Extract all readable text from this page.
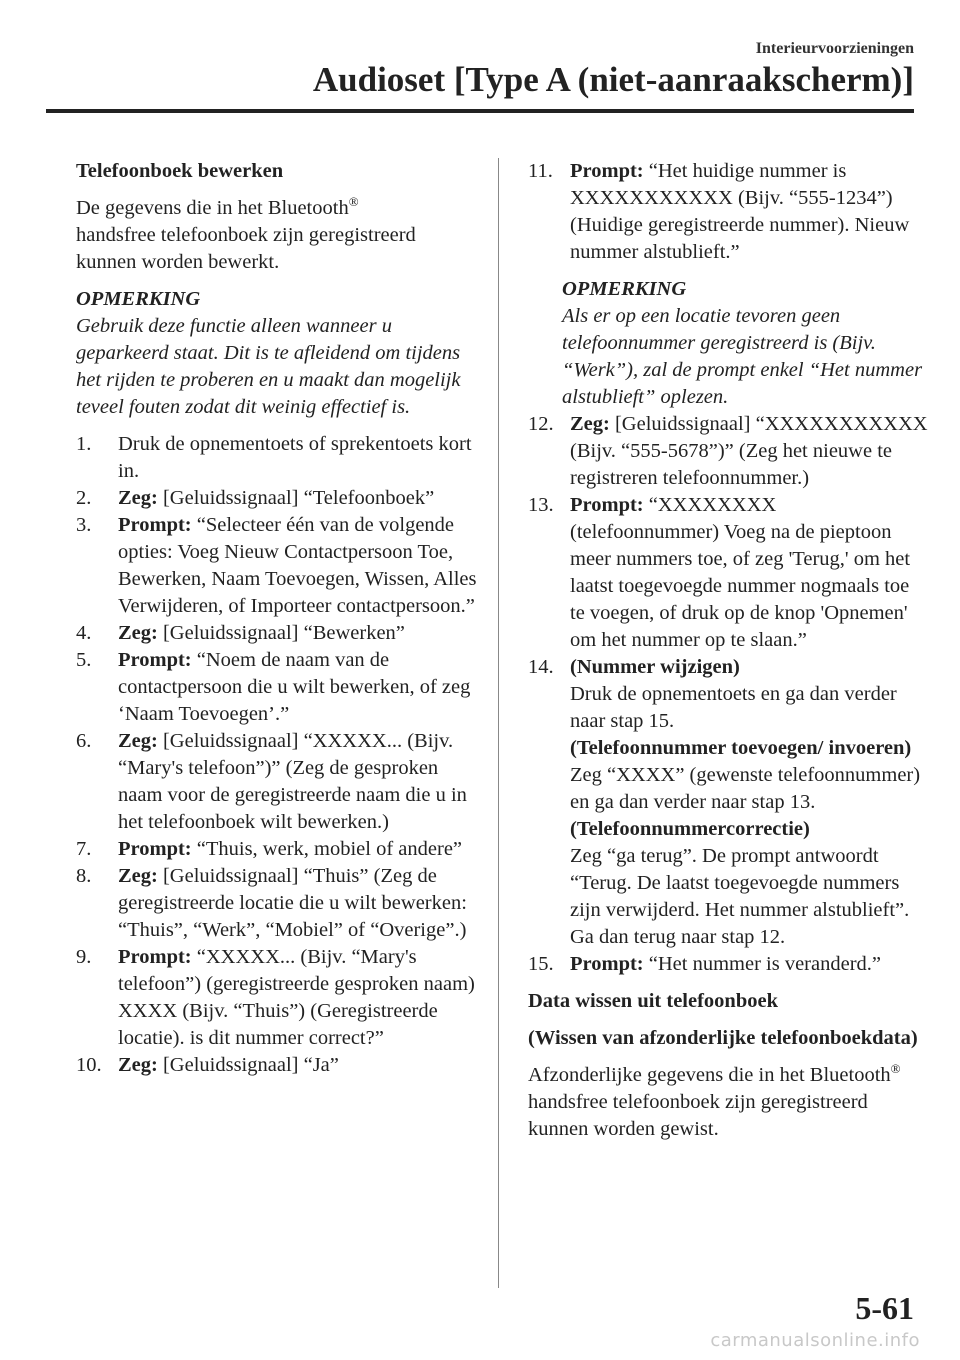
Interieurvoorzieningen
Audioset [Type A (niet-aanraakscherm)]

Telefoonboek bewerken

De gegevens die in het Bluetooth®
handsfree telefoonboek zijn geregistreerd kunnen worden bewerkt.

OPMERKING

Gebruik deze functie alleen wanneer u geparkeerd staat. Dit is te afleidend om tijdens het rijden te proberen en u maakt dan mogelijk teveel fouten zodat dit weinig effectief is.

1. Druk de opnementoets of sprekentoets kort in.

2. Zeg: [Geluidssignaal] “Telefoonboek”

3. Prompt: “Selecteer één van de volgende opties: Voeg Nieuw Contactpersoon Toe, Bewerken, Naam Toevoegen, Wissen, Alles Verwijderen, of Importeer contactpersoon.”

4. Zeg: [Geluidssignaal] “Bewerken”

5. Prompt: “Noem de naam van de contactpersoon die u wilt bewerken, of zeg ‘Naam Toevoegen’.”

6. Zeg: [Geluidssignaal] “XXXXX... (Bijv. “Mary's telefoon”)” (Zeg de gesproken naam voor de geregistreerde naam die u in het telefoonboek wilt bewerken.)

7. Prompt: “Thuis, werk, mobiel of andere”

8. Zeg: [Geluidssignaal] “Thuis” (Zeg de geregistreerde locatie die u wilt bewerken: “Thuis”, “Werk”, “Mobiel” of “Overige”.)

9. Prompt: “XXXXX... (Bijv. “Mary's telefoon”) (geregistreerde gesproken naam) XXXX (Bijv. “Thuis”) (Geregistreerde locatie). is dit nummer correct?”

10. Zeg: [Geluidssignaal] “Ja”

11. Prompt: “Het huidige nummer is XXXXXXXXXXX (Bijv. “555-1234”) (Huidige geregistreerde nummer). Nieuw nummer alstublieft.”

OPMERKING

Als er op een locatie tevoren geen telefoonnummer geregistreerd is (Bijv. “Werk”), zal de prompt enkel “Het nummer alstublieft” oplezen.

12. Zeg: [Geluidssignaal] “XXXXXXXXXXX (Bijv. “555-5678”)” (Zeg het nieuwe te registreren telefoonnummer.)

13. Prompt: “XXXXXXXX (telefoonnummer) Voeg na de pieptoon meer nummers toe, of zeg 'Terug,' om het laatst toegevoegde nummer nogmaals toe te voegen, of druk op de knop 'Opnemen' om het nummer op te slaan.”

14. (Nummer wijzigen)

Druk de opnementoets en ga dan verder naar stap 15.

(Telefoonnummer toevoegen/ invoeren)

Zeg “XXXX” (gewenste telefoonnummer) en ga dan verder naar stap 13.

(Telefoonnummercorrectie)

Zeg “ga terug”. De prompt antwoordt “Terug. De laatst toegevoegde nummers zijn verwijderd. Het nummer alstublieft”. Ga dan terug naar stap 12.

15. Prompt: “Het nummer is veranderd.”

Data wissen uit telefoonboek

(Wissen van afzonderlijke telefoonboekdata)

Afzonderlijke gegevens die in het Bluetooth® handsfree telefoonboek zijn geregistreerd kunnen worden gewist.

5-61
carmanualsonline.info
